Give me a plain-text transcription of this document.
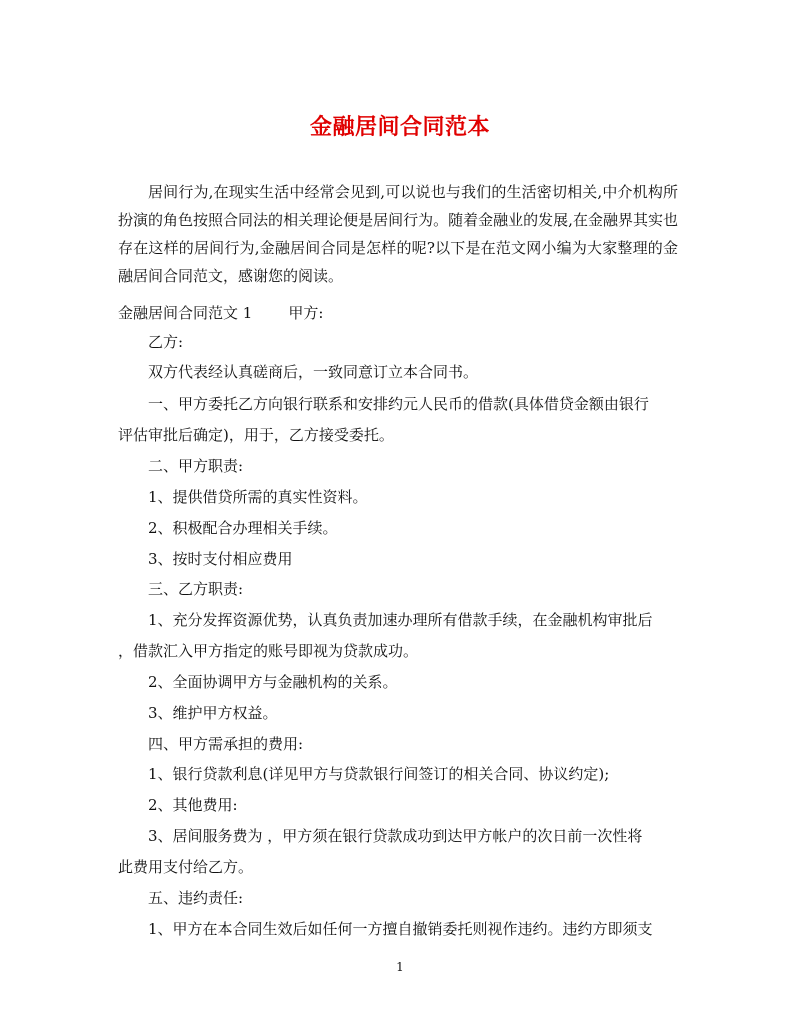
金融居间合同范本

居间行为,在现实生活中经常会见到,可以说也与我们的生活密切相关,中介机构所扮演的角色按照合同法的相关理论便是居间行为。随着金融业的发展,在金融界其实也存在这样的居间行为,金融居间合同是怎样的呢?以下是在范文网小编为大家整理的金融居间合同范文，感谢您的阅读。

金融居间合同范文 1 甲方:
乙方:
双方代表经认真磋商后，一致同意订立本合同书。
一、甲方委托乙方向银行联系和安排约元人民币的借款(具体借贷金额由银行
评估审批后确定)，用于，乙方接受委托。
二、甲方职责:
1、提供借贷所需的真实性资料。
2、积极配合办理相关手续。
3、按时支付相应费用
三、乙方职责:
1、充分发挥资源优势，认真负责加速办理所有借款手续，在金融机构审批后
，借款汇入甲方指定的账号即视为贷款成功。
2、全面协调甲方与金融机构的关系。
3、维护甲方权益。
四、甲方需承担的费用:
1、银行贷款利息(详见甲方与贷款银行间签订的相关合同、协议约定);
2、其他费用:
3、居间服务费为 ，甲方须在银行贷款成功到达甲方帐户的次日前一次性将
此费用支付给乙方。
五、违约责任:
1、甲方在本合同生效后如任何一方擅自撤销委托则视作违约。违约方即须支
1
